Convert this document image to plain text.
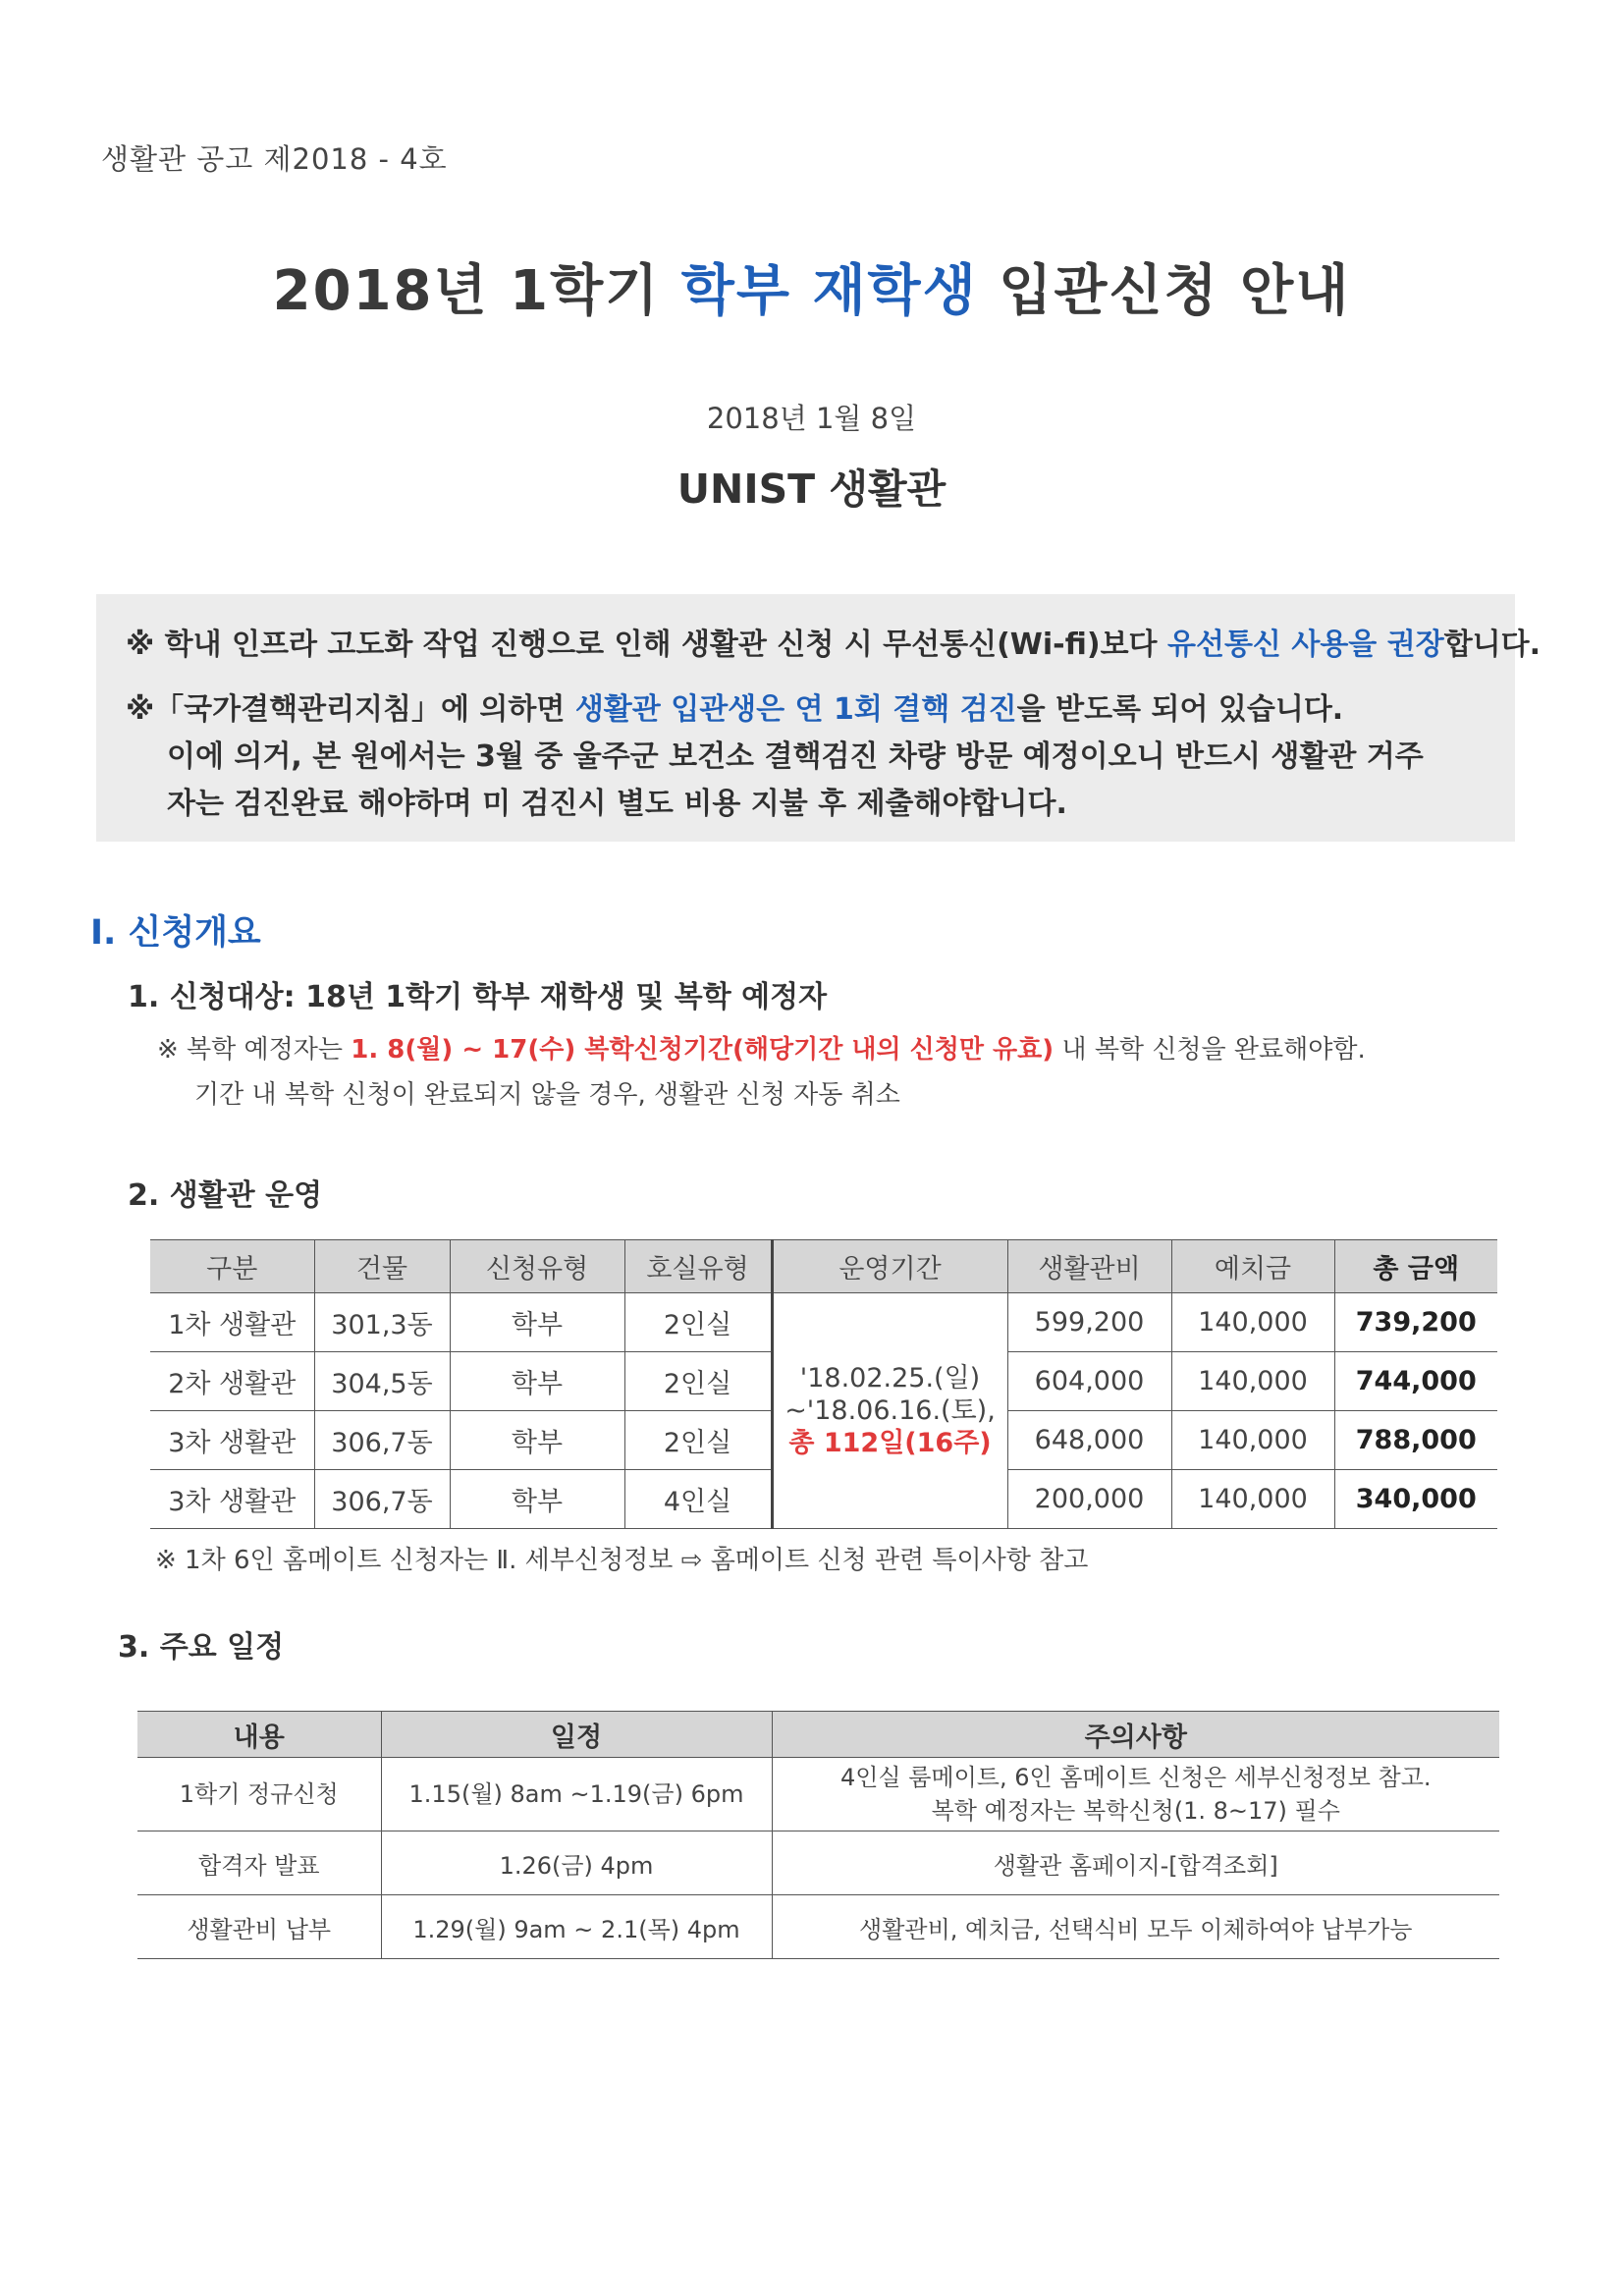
생활관 공고 제2018 - 4호
2018년 1학기 학부 재학생 입관신청 안내
2018년 1월 8일
UNIST 생활관
※ 학내 인프라 고도화 작업 진행으로 인해 생활관 신청 시 무선통신(Wi-fi)보다 유선통신 사용을 권장합니다.
※「국가결핵관리지침」에 의하면 생활관 입관생은 연 1회 결핵 검진을 받도록 되어 있습니다.
이에 의거, 본 원에서는 3월 중 울주군 보건소 결핵검진 차량 방문 예정이오니 반드시 생활관 거주
자는 검진완료 해야하며 미 검진시 별도 비용 지불 후 제출해야합니다.
Ⅰ. 신청개요
1. 신청대상: 18년 1학기 학부 재학생 및 복학 예정자
※ 복학 예정자는 1. 8(월) ~ 17(수) 복학신청기간(해당기간 내의 신청만 유효) 내 복학 신청을 완료해야함.
기간 내 복학 신청이 완료되지 않을 경우, 생활관 신청 자동 취소
2. 생활관 운영
구분	건물	신청유형	호실유형	운영기간	생활관비	예치금	총 금액
1차 생활관	301,3동	학부	2인실	'18.02.25.(일)
~'18.06.16.(토),
총 112일(16주)	599,200	140,000	739,200
2차 생활관	304,5동	학부	2인실		604,000	140,000	744,000
3차 생활관	306,7동	학부	2인실		648,000	140,000	788,000
3차 생활관	306,7동	학부	4인실		200,000	140,000	340,000
※ 1차 6인 홈메이트 신청자는 Ⅱ. 세부신청정보 ⇨ 홈메이트 신청 관련 특이사항 참고
3. 주요 일정
내용	일정	주의사항
1학기 정규신청	1.15(월) 8am ~1.19(금) 6pm	4인실 룸메이트, 6인 홈메이트 신청은 세부신청정보 참고.
복학 예정자는 복학신청(1. 8~17) 필수

합격자 발표	1.26(금) 4pm	생활관 홈페이지-[합격조회]
생활관비 납부	1.29(월) 9am ~ 2.1(목) 4pm	생활관비, 예치금, 선택식비 모두 이체하여야 납부가능
